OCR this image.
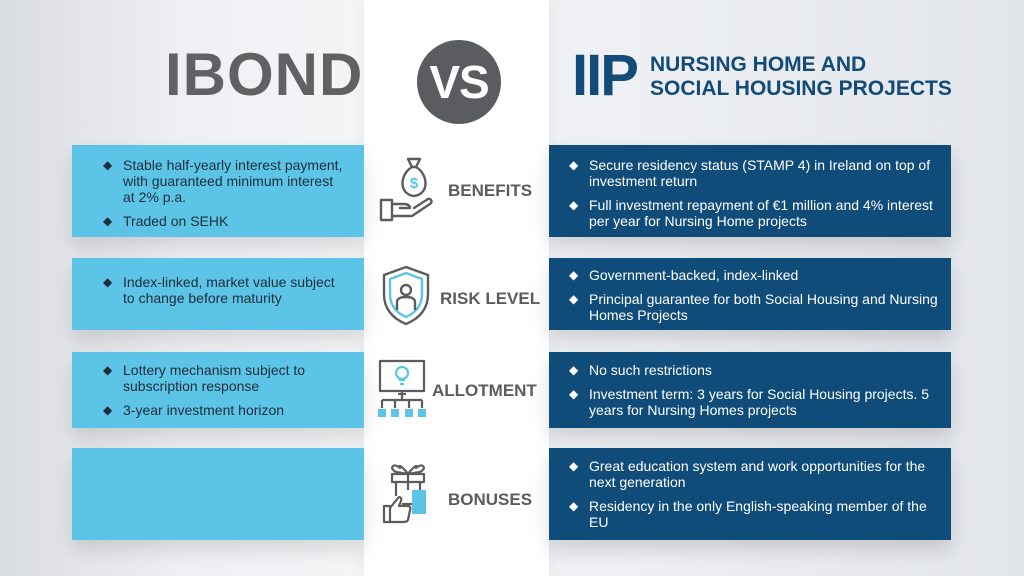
IBOND VS IIP NURSING HOME AND
SOCIAL HOUSING PROJECTS
◆ Stable half-yearly interest payment, with guaranteed minimum interest at 2% p.a.
◆ Traded on SEHK
◆ Secure residency status (STAMP 4) in Ireland on top of investment return
◆ Full investment repayment of €1 million and 4% interest per year for Nursing Home projects
$ BENEFITS
◆ Index-linked, market value subject to change before maturity
◆ Government-backed, index-linked
◆ Principal guarantee for both Social Housing and Nursing Homes Projects
RISK LEVEL
◆ Lottery mechanism subject to subscription response
◆ 3-year investment horizon
◆ No such restrictions
◆ Investment term: 3 years for Social Housing projects. 5 years for Nursing Homes projects
ALLOTMENT
◆ Great education system and work opportunities for the next generation
◆ Residency in the only English-speaking member of the EU
BONUSES
